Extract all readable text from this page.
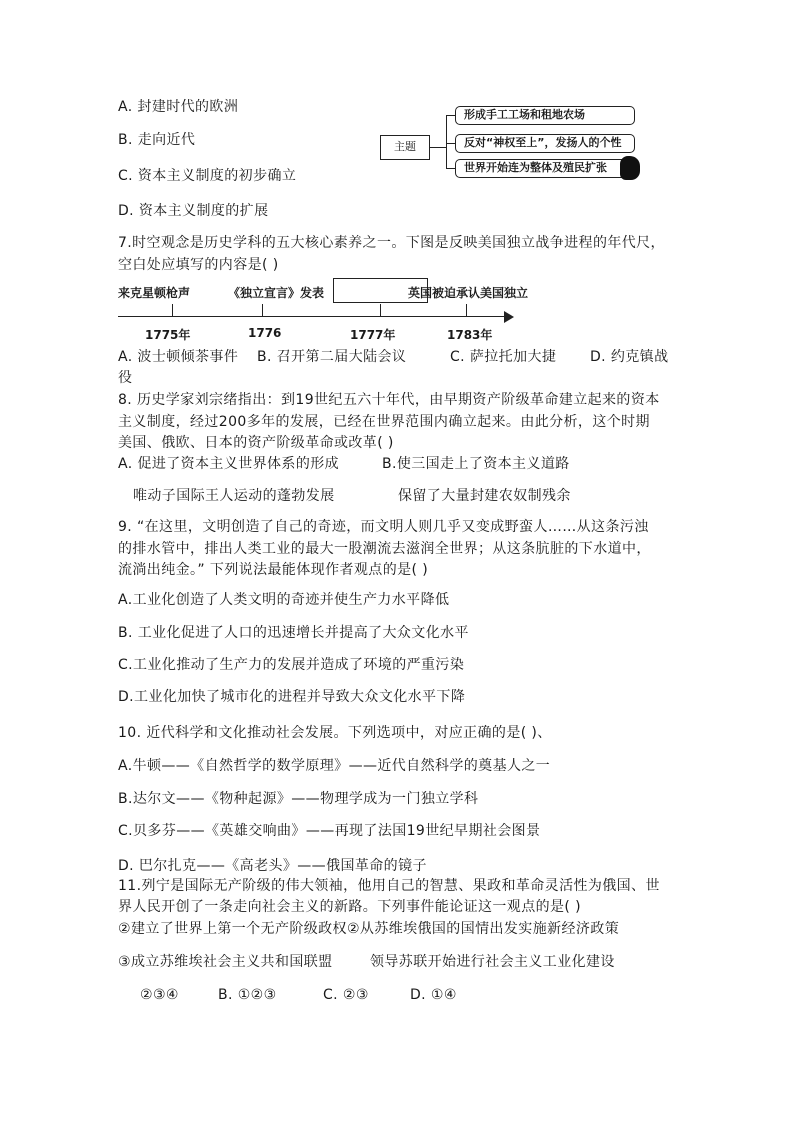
A. 封建时代的欧洲
B. 走向近代
C. 资本主义制度的初步确立
D. 资本主义制度的扩展
主题
形成手工工场和租地农场
反对“神权至上”，发扬人的个性
世界开始连为整体及殖民扩张
7.时空观念是历史学科的五大核心素养之一。下图是反映美国独立战争进程的年代尺，
空白处应填写的内容是( )
来克星顿枪声	《独立宣言》发表	英国被迫承认美国独立
1775年	1776	1777年	1783年
A. 波士顿倾茶事件 B. 召开第二届大陆会议	C. 萨拉托加大捷 D. 约克镇战
役
8. 历史学家刘宗绪指出：到19世纪五六十年代，由早期资产阶级革命建立起来的资本
主义制度，经过200多年的发展，已经在世界范围内确立起来。由此分析，这个时期
美国、俄欧、日本的资产阶级革命或改革( )
A. 促进了资本主义世界体系的形成	B.使三国走上了资本主义道路
唯动子国际王人运动的蓬勃发展	保留了大量封建农奴制残余
9. “在这里，文明创造了自己的奇迹，而文明人则几乎又变成野蛮人……从这条污浊
的排水管中，排出人类工业的最大一股潮流去滋润全世界；从这条肮脏的下水道中，
流淌出纯金。” 下列说法最能体现作者观点的是( )
A.工业化创造了人类文明的奇迹并使生产力水平降低
B. 工业化促进了人口的迅速增长并提高了大众文化水平
C.工业化推动了生产力的发展并造成了环境的严重污染
D.工业化加快了城市化的进程并导致大众文化水平下降
10. 近代科学和文化推动社会发展。下列选项中，对应正确的是( )、
A.牛顿——《自然哲学的数学原理》——近代自然科学的奠基人之一
B.达尔文——《物种起源》——物理学成为一门独立学科
C.贝多芬——《英雄交响曲》——再现了法国19世纪早期社会图景
D. 巴尔扎克——《高老头》——俄国革命的镜子
11.列宁是国际无产阶级的伟大领袖，他用自己的智慧、果政和革命灵活性为俄国、世
界人民开创了一条走向社会主义的新路。下列事件能论证这一观点的是( )
②建立了世界上第一个无产阶级政权②从苏维埃俄国的国情出发实施新经济政策
③成立苏维埃社会主义共和国联盟	领导苏联开始进行社会主义工业化建设
②③④	B. ①②③	C. ②③	D. ①④
